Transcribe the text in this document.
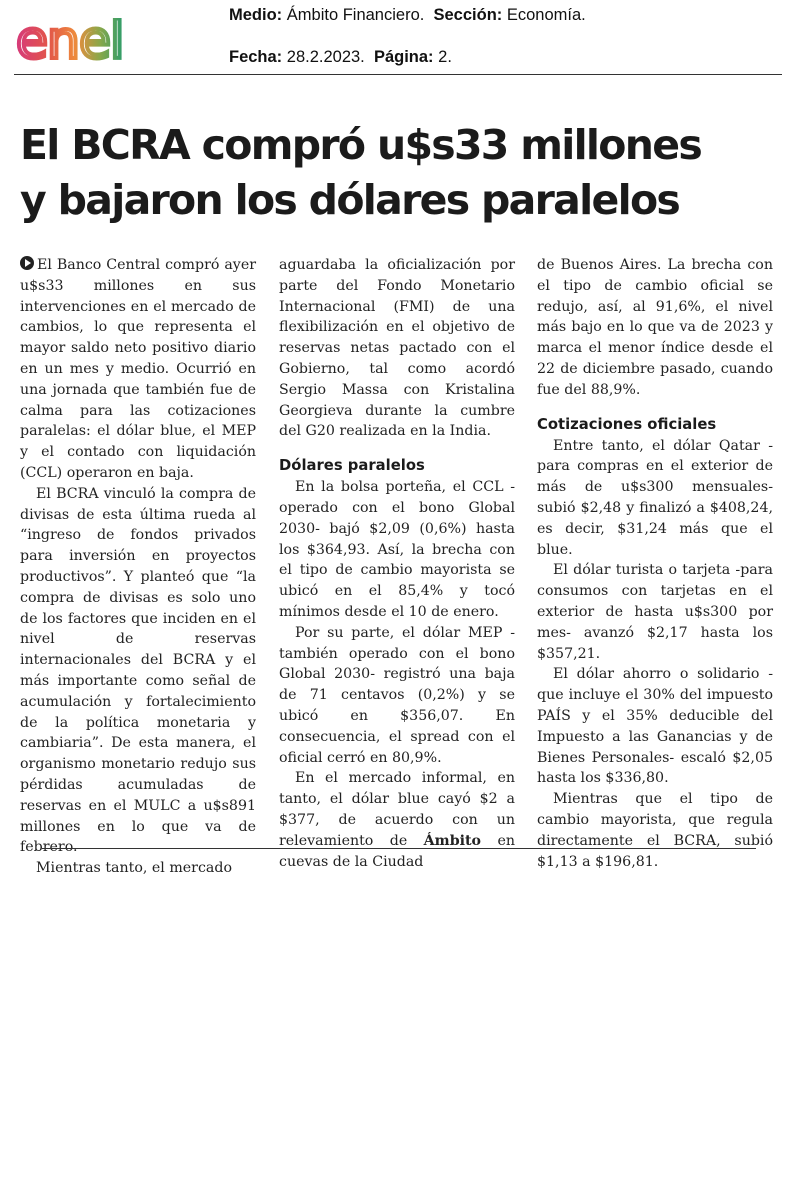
enel	Medio: Ámbito Financiero. Sección: Economía.
Fecha: 28.2.2023. Página: 2.
El BCRA compró u$s33 millones
y bajaron los dólares paralelos

El Banco Central compró ayer u$s33 millones en sus intervenciones en el mercado de cambios, lo que representa el mayor saldo neto positivo diario en un mes y medio. Ocurrió en una jornada que también fue de calma para las cotizaciones paralelas: el dólar blue, el MEP y el contado con liquidación (CCL) operaron en baja.

El BCRA vinculó la compra de divisas de esta última rueda al “ingreso de fondos privados para inversión en proyectos productivos”. Y planteó que “la compra de divisas es solo uno de los factores que inciden en el nivel de reservas internacionales del BCRA y el más importante como señal de acumulación y fortalecimiento de la política monetaria y cambiaria”. De esta manera, el organismo monetario redujo sus pérdidas acumuladas de reservas en el MULC a u$s891 millones en lo que va de febrero.

Mientras tanto, el mercado

aguardaba la oficialización por parte del Fondo Monetario Internacional (FMI) de una flexibilización en el objetivo de reservas netas pactado con el Gobierno, tal como acordó Sergio Massa con Kristalina Georgieva durante la cumbre del G20 realizada en la India.

Dólares paralelos

En la bolsa porteña, el CCL -operado con el bono Global 2030- bajó $2,09 (0,6%) hasta los $364,93. Así, la brecha con el tipo de cambio mayorista se ubicó en el 85,4% y tocó mínimos desde el 10 de enero.

Por su parte, el dólar MEP -también operado con el bono Global 2030- registró una baja de 71 centavos (0,2%) y se ubicó en $356,07. En consecuencia, el spread con el oficial cerró en 80,9%.

En el mercado informal, en tanto, el dólar blue cayó $2 a $377, de acuerdo con un relevamiento de Ámbito en cuevas de la Ciudad

de Buenos Aires. La brecha con el tipo de cambio oficial se redujo, así, al 91,6%, el nivel más bajo en lo que va de 2023 y marca el menor índice desde el 22 de diciembre pasado, cuando fue del 88,9%.

Cotizaciones oficiales

Entre tanto, el dólar Qatar -para compras en el exterior de más de u$s300 mensuales- subió $2,48 y finalizó a $408,24, es decir, $31,24 más que el blue.

El dólar turista o tarjeta -para consumos con tarjetas en el exterior de hasta u$s300 por mes- avanzó $2,17 hasta los $357,21.

El dólar ahorro o solidario -que incluye el 30% del impuesto PAÍS y el 35% deducible del Impuesto a las Ganancias y de Bienes Personales- escaló $2,05 hasta los $336,80.

Mientras que el tipo de cambio mayorista, que regula directamente el BCRA, subió $1,13 a $196,81.
